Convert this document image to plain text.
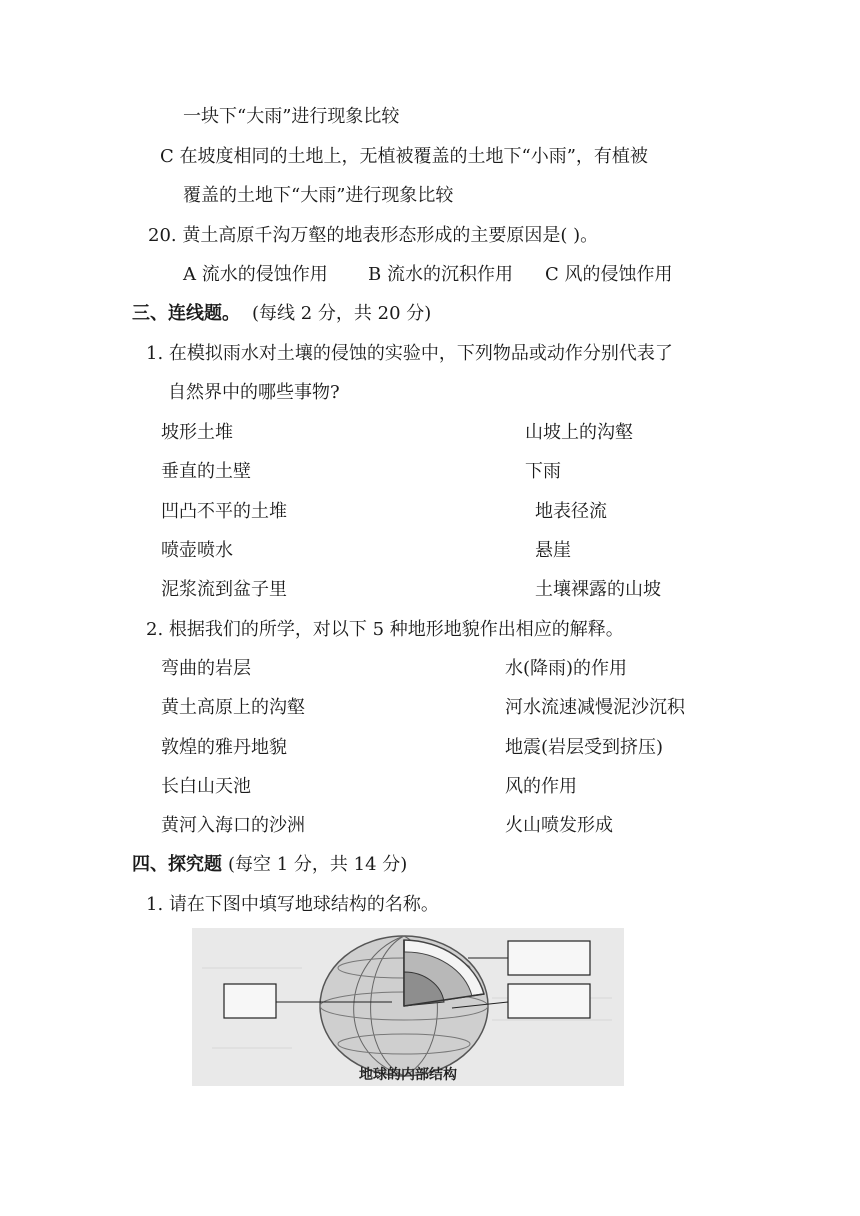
一块下“大雨”进行现象比较
C 在坡度相同的土地上，无植被覆盖的土地下“小雨”，有植被
覆盖的土地下“大雨”进行现象比较
20. 黄土高原千沟万壑的地表形态形成的主要原因是( )。
A 流水的侵蚀作用 B 流水的沉积作用 C 风的侵蚀作用
三、连线题。 (每线 2 分，共 20 分)
1. 在模拟雨水对土壤的侵蚀的实验中，下列物品或动作分别代表了
自然界中的哪些事物?
坡形土堆
垂直的土壁
凹凸不平的土堆
喷壶喷水
泥浆流到盆子里
山坡上的沟壑
下雨
地表径流
悬崖
土壤裸露的山坡
2. 根据我们的所学，对以下 5 种地形地貌作出相应的解释。
弯曲的岩层
黄土高原上的沟壑
敦煌的雅丹地貌
长白山天池
黄河入海口的沙洲
水(降雨)的作用
河水流速减慢泥沙沉积
地震(岩层受到挤压)
风的作用
火山喷发形成
四、探究题 (每空 1 分，共 14 分)
1. 请在下图中填写地球结构的名称。
地球的内部结构
